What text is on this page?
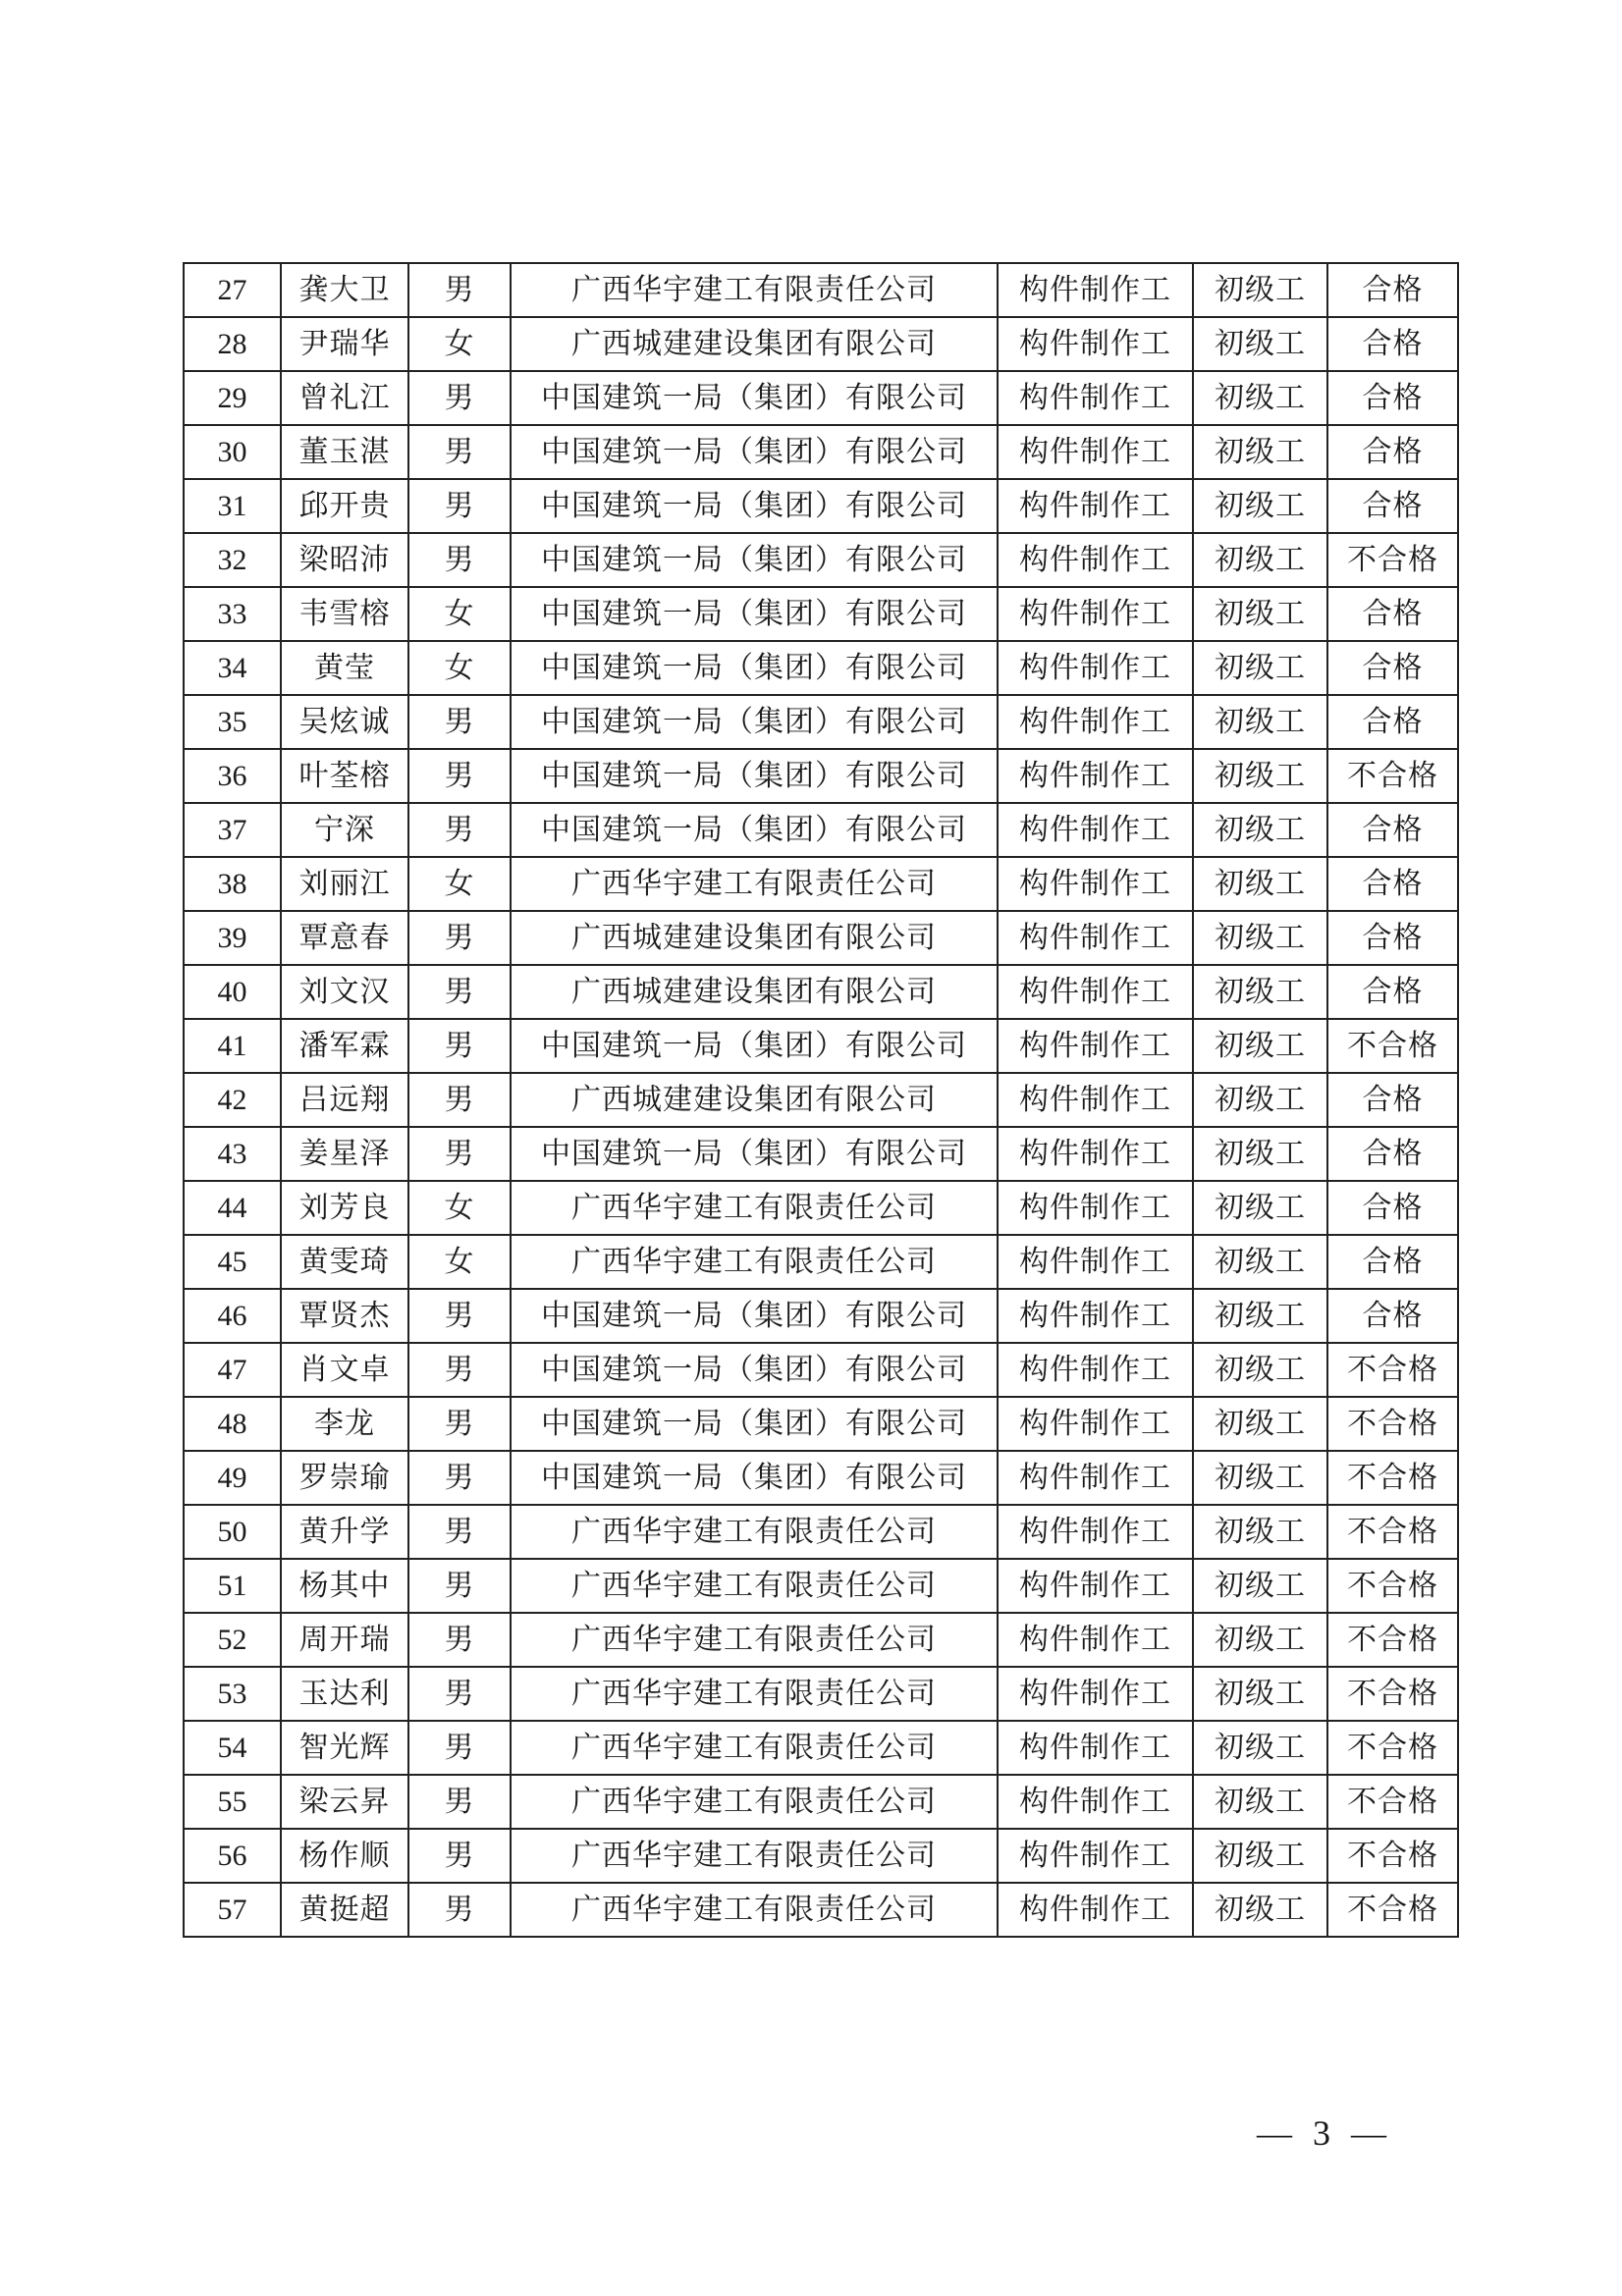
27	龚大卫	男	广西华宇建工有限责任公司	构件制作工	初级工	合格
28	尹瑞华	女	广西城建建设集团有限公司	构件制作工	初级工	合格
29	曾礼江	男	中国建筑一局（集团）有限公司	构件制作工	初级工	合格
30	董玉湛	男	中国建筑一局（集团）有限公司	构件制作工	初级工	合格
31	邱开贵	男	中国建筑一局（集团）有限公司	构件制作工	初级工	合格
32	梁昭沛	男	中国建筑一局（集团）有限公司	构件制作工	初级工	不合格
33	韦雪榕	女	中国建筑一局（集团）有限公司	构件制作工	初级工	合格
34	黄莹	女	中国建筑一局（集团）有限公司	构件制作工	初级工	合格
35	吴炫诚	男	中国建筑一局（集团）有限公司	构件制作工	初级工	合格
36	叶荃榕	男	中国建筑一局（集团）有限公司	构件制作工	初级工	不合格
37	宁深	男	中国建筑一局（集团）有限公司	构件制作工	初级工	合格
38	刘丽江	女	广西华宇建工有限责任公司	构件制作工	初级工	合格
39	覃意春	男	广西城建建设集团有限公司	构件制作工	初级工	合格
40	刘文汉	男	广西城建建设集团有限公司	构件制作工	初级工	合格
41	潘军霖	男	中国建筑一局（集团）有限公司	构件制作工	初级工	不合格
42	吕远翔	男	广西城建建设集团有限公司	构件制作工	初级工	合格
43	姜星泽	男	中国建筑一局（集团）有限公司	构件制作工	初级工	合格
44	刘芳良	女	广西华宇建工有限责任公司	构件制作工	初级工	合格
45	黄雯琦	女	广西华宇建工有限责任公司	构件制作工	初级工	合格
46	覃贤杰	男	中国建筑一局（集团）有限公司	构件制作工	初级工	合格
47	肖文卓	男	中国建筑一局（集团）有限公司	构件制作工	初级工	不合格
48	李龙	男	中国建筑一局（集团）有限公司	构件制作工	初级工	不合格
49	罗崇瑜	男	中国建筑一局（集团）有限公司	构件制作工	初级工	不合格
50	黄升学	男	广西华宇建工有限责任公司	构件制作工	初级工	不合格
51	杨其中	男	广西华宇建工有限责任公司	构件制作工	初级工	不合格
52	周开瑞	男	广西华宇建工有限责任公司	构件制作工	初级工	不合格
53	玉达利	男	广西华宇建工有限责任公司	构件制作工	初级工	不合格
54	智光辉	男	广西华宇建工有限责任公司	构件制作工	初级工	不合格
55	梁云昇	男	广西华宇建工有限责任公司	构件制作工	初级工	不合格
56	杨作顺	男	广西华宇建工有限责任公司	构件制作工	初级工	不合格
57	黄挺超	男	广西华宇建工有限责任公司	构件制作工	初级工	不合格
— 3 —
